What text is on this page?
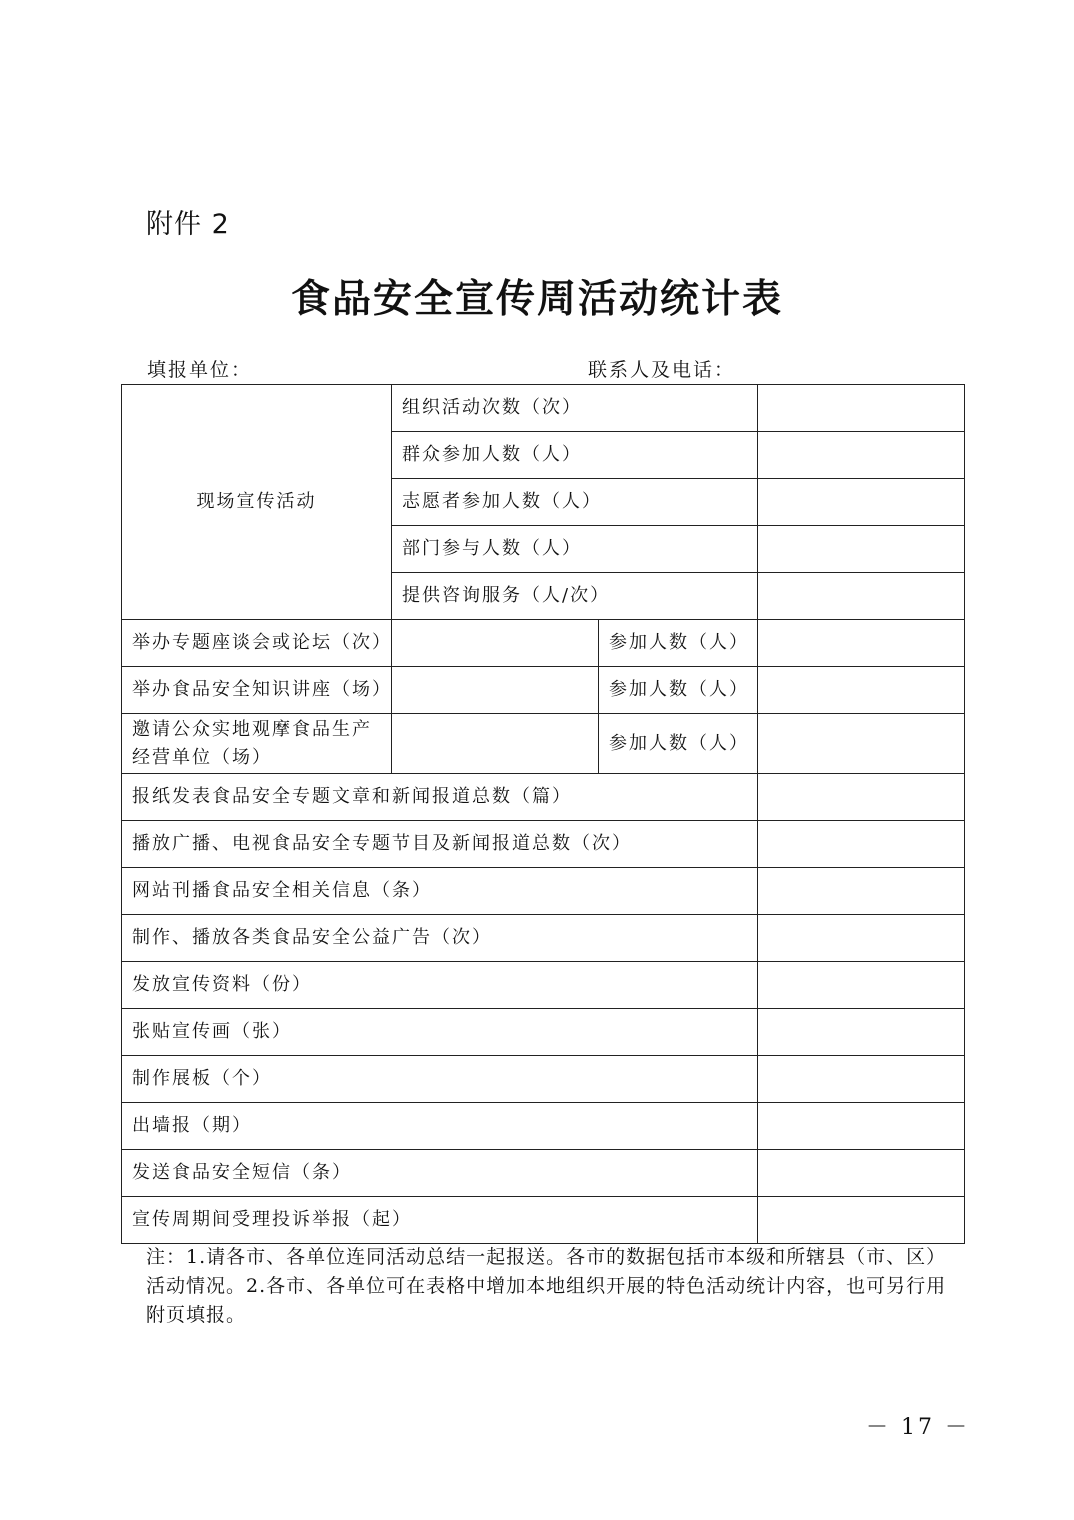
附件 2
食品安全宣传周活动统计表
填报单位：	联系人及电话：
现场宣传活动	组织活动次数（次）		
	群众参加人数（人）		
	志愿者参加人数（人）		
	部门参与人数（人）		
	提供咨询服务（人/次）		
举办专题座谈会或论坛（次）		参加人数（人）	
举办食品安全知识讲座（场）		参加人数（人）	
邀请公众实地观摩食品生产经营单位（场）		参加人数（人）	
报纸发表食品安全专题文章和新闻报道总数（篇）			
播放广播、电视食品安全专题节目及新闻报道总数（次）			
网站刊播食品安全相关信息（条）			
制作、播放各类食品安全公益广告（次）			
发放宣传资料（份）			
张贴宣传画（张）			
制作展板（个）			
出墙报（期）			
发送食品安全短信（条）			
宣传周期间受理投诉举报（起）			
注：1.请各市、各单位连同活动总结一起报送。各市的数据包括市本级和所辖县（市、区）活动情况。2.各市、各单位可在表格中增加本地组织开展的特色活动统计内容，也可另行用附页填报。
－ 17 －
